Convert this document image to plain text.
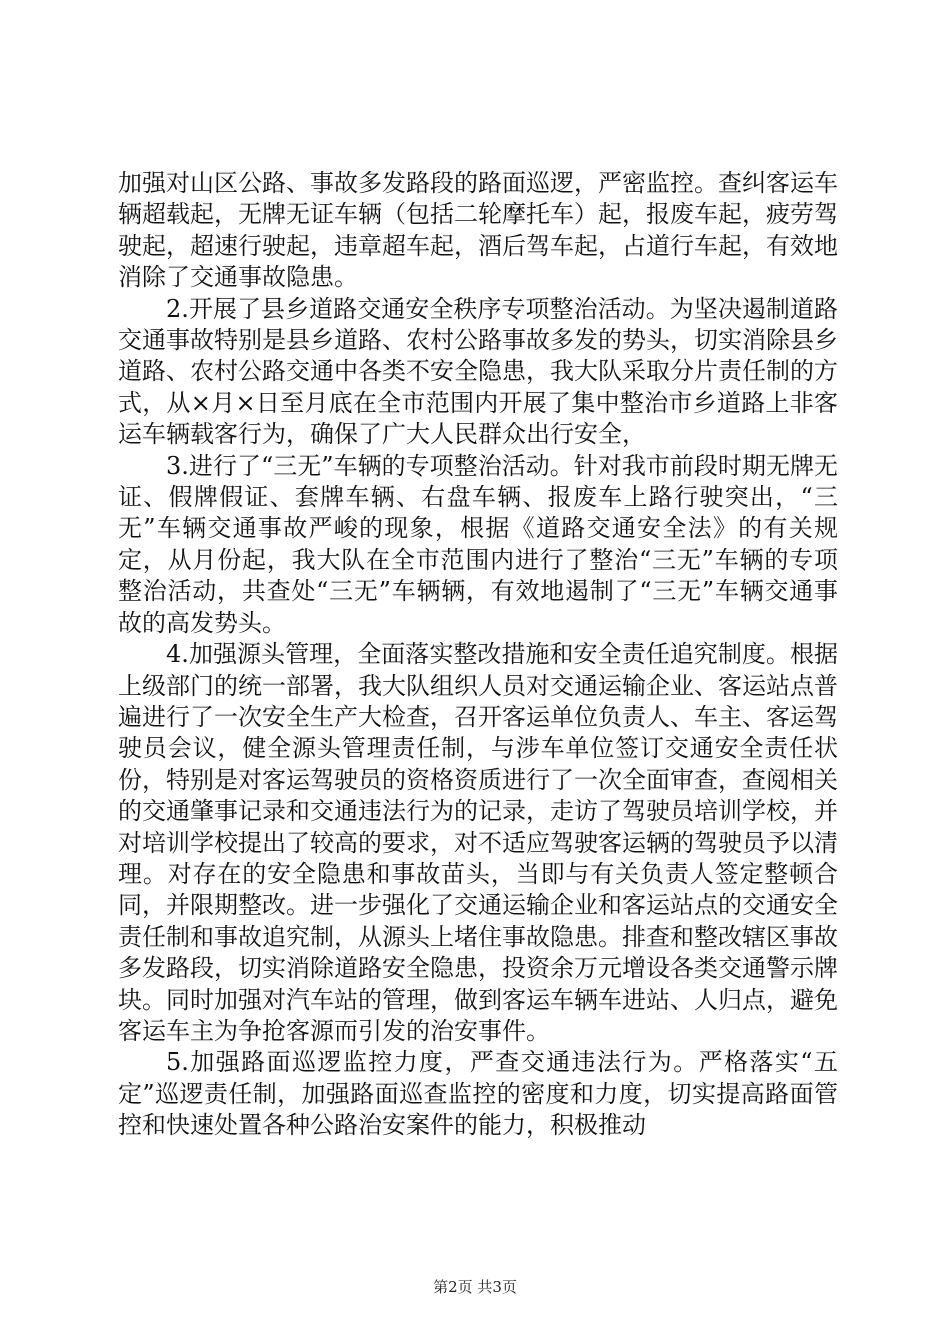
加强对山区公路、事故多发路段的路面巡逻，严密监控。查纠客运车辆超载起，无牌无证车辆（包括二轮摩托车）起，报废车起，疲劳驾驶起，超速行驶起，违章超车起，酒后驾车起，占道行车起，有效地消除了交通事故隐患。

2.开展了县乡道路交通安全秩序专项整治活动。为坚决遏制道路交通事故特别是县乡道路、农村公路事故多发的势头，切实消除县乡道路、农村公路交通中各类不安全隐患，我大队采取分片责任制的方式，从×月×日至月底在全市范围内开展了集中整治市乡道路上非客运车辆载客行为，确保了广大人民群众出行安全，

3.进行了“三无”车辆的专项整治活动。针对我市前段时期无牌无证、假牌假证、套牌车辆、右盘车辆、报废车上路行驶突出，“三无”车辆交通事故严峻的现象，根据《道路交通安全法》的有关规定，从月份起，我大队在全市范围内进行了整治“三无”车辆的专项整治活动，共查处“三无”车辆辆，有效地遏制了“三无”车辆交通事故的高发势头。

4.加强源头管理，全面落实整改措施和安全责任追究制度。根据上级部门的统一部署，我大队组织人员对交通运输企业、客运站点普遍进行了一次安全生产大检查，召开客运单位负责人、车主、客运驾驶员会议，健全源头管理责任制，与涉车单位签订交通安全责任状份，特别是对客运驾驶员的资格资质进行了一次全面审查，查阅相关的交通肇事记录和交通违法行为的记录，走访了驾驶员培训学校，并对培训学校提出了较高的要求，对不适应驾驶客运辆的驾驶员予以清理。对存在的安全隐患和事故苗头，当即与有关负责人签定整顿合同，并限期整改。进一步强化了交通运输企业和客运站点的交通安全责任制和事故追究制，从源头上堵住事故隐患。排查和整改辖区事故多发路段，切实消除道路安全隐患，投资余万元增设各类交通警示牌块。同时加强对汽车站的管理，做到客运车辆车进站、人归点，避免客运车主为争抢客源而引发的治安事件。

5.加强路面巡逻监控力度，严查交通违法行为。严格落实“五定”巡逻责任制，加强路面巡查监控的密度和力度，切实提高路面管控和快速处置各种公路治安案件的能力，积极推动

第2页 共3页
